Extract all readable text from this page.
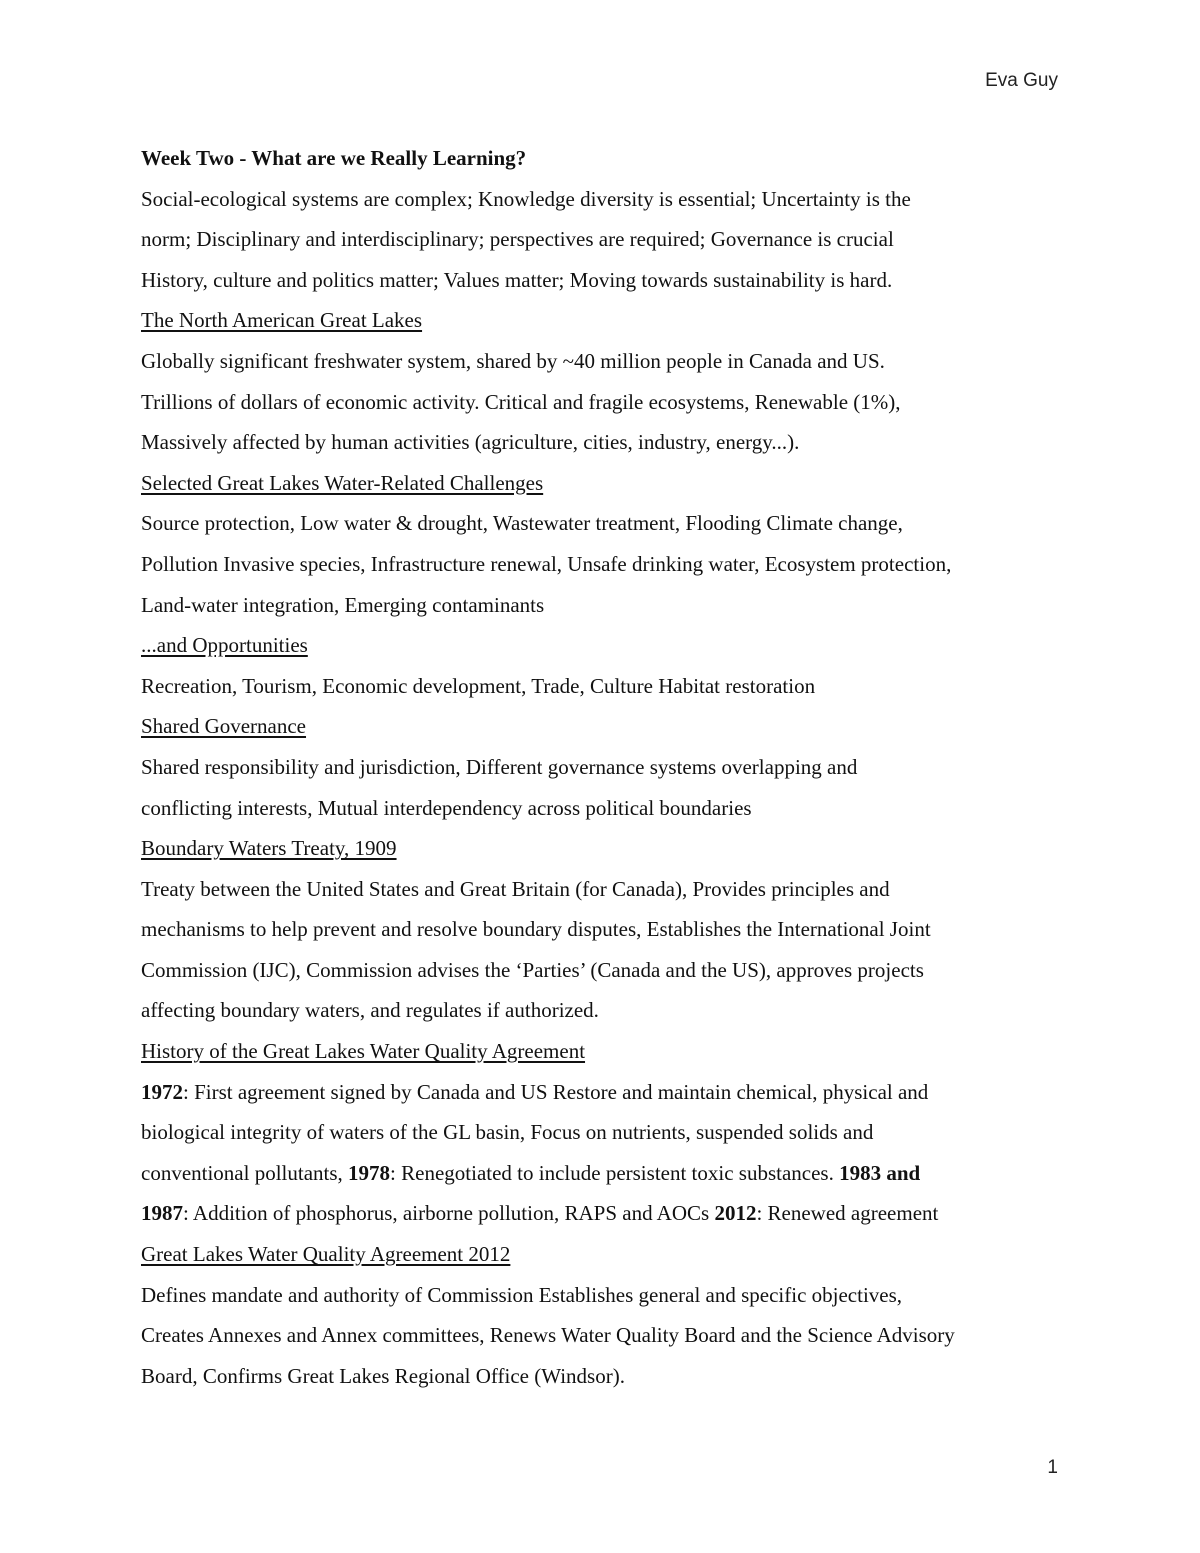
Eva Guy
Week Two - What are we Really Learning?
Social-ecological systems are complex; Knowledge diversity is essential; Uncertainty is the
norm; Disciplinary and interdisciplinary; perspectives are required; Governance is crucial
History, culture and politics matter; Values matter; Moving towards sustainability is hard.
The North American Great Lakes
Globally significant freshwater system, shared by ~40 million people in Canada and US.
Trillions of dollars of economic activity. Critical and fragile ecosystems, Renewable (1%),
Massively affected by human activities (agriculture, cities, industry, energy...).
Selected Great Lakes Water-Related Challenges
Source protection, Low water & drought, Wastewater treatment, Flooding Climate change,
Pollution Invasive species, Infrastructure renewal, Unsafe drinking water, Ecosystem protection,
Land-water integration, Emerging contaminants
...and Opportunities
Recreation, Tourism, Economic development, Trade, Culture Habitat restoration
Shared Governance
Shared responsibility and jurisdiction, Different governance systems overlapping and
conflicting interests, Mutual interdependency across political boundaries
Boundary Waters Treaty, 1909
Treaty between the United States and Great Britain (for Canada), Provides principles and
mechanisms to help prevent and resolve boundary disputes, Establishes the International Joint
Commission (IJC), Commission advises the ‘Parties’ (Canada and the US), approves projects
affecting boundary waters, and regulates if authorized.
History of the Great Lakes Water Quality Agreement
1972: First agreement signed by Canada and US Restore and maintain chemical, physical and
biological integrity of waters of the GL basin, Focus on nutrients, suspended solids and
conventional pollutants, 1978: Renegotiated to include persistent toxic substances. 1983 and
1987: Addition of phosphorus, airborne pollution, RAPS and AOCs 2012: Renewed agreement
Great Lakes Water Quality Agreement 2012
Defines mandate and authority of Commission Establishes general and specific objectives,
Creates Annexes and Annex committees, Renews Water Quality Board and the Science Advisory
Board, Confirms Great Lakes Regional Office (Windsor).
1
